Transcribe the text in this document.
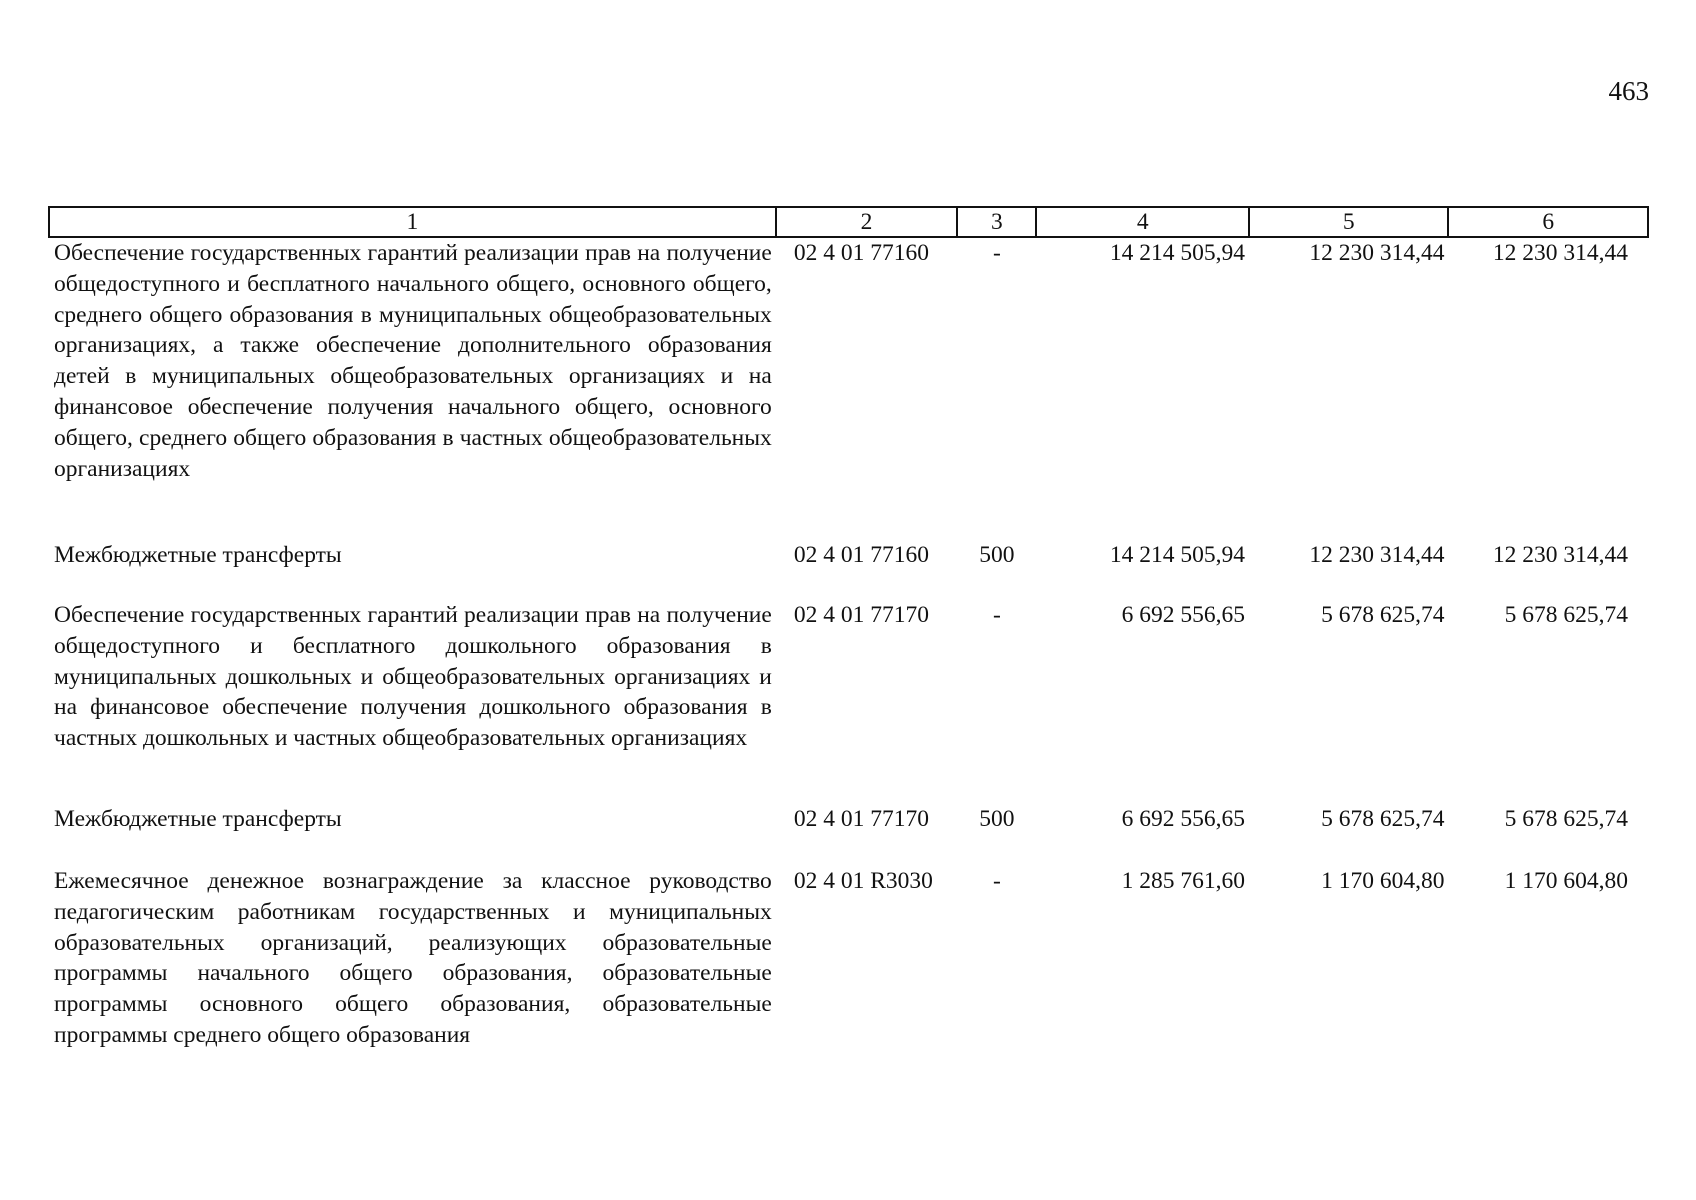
463
1	2	3	4	5	6
Обеспечение государственных гарантий реализации прав на получение общедоступного и бесплатного начального общего, основного общего, среднего общего образования в муниципальных общеобразовательных организациях, а также обеспечение дополнительного образования детей в муниципальных общеобразовательных организациях и на финансовое обеспечение получения начального общего, основного общего, среднего общего образования в частных общеобразовательных организациях	02 4 01 77160	-	14 214 505,94	12 230 314,44	12 230 314,44
Межбюджетные трансферты	02 4 01 77160	500	14 214 505,94	12 230 314,44	12 230 314,44
Обеспечение государственных гарантий реализации прав на получение общедоступного и бесплатного дошкольного образования в муниципальных дошкольных и общеобразовательных организациях и на финансовое обеспечение получения дошкольного образования в частных дошкольных и частных общеобразовательных организациях	02 4 01 77170	-	6 692 556,65	5 678 625,74	5 678 625,74
Межбюджетные трансферты	02 4 01 77170	500	6 692 556,65	5 678 625,74	5 678 625,74
Ежемесячное денежное вознаграждение за классное руководство педагогическим работникам государственных и муниципальных образовательных организаций, реализующих образовательные программы начального общего образования, образовательные программы основного общего образования, образовательные программы среднего общего образования	02 4 01 R3030	-	1 285 761,60	1 170 604,80	1 170 604,80
